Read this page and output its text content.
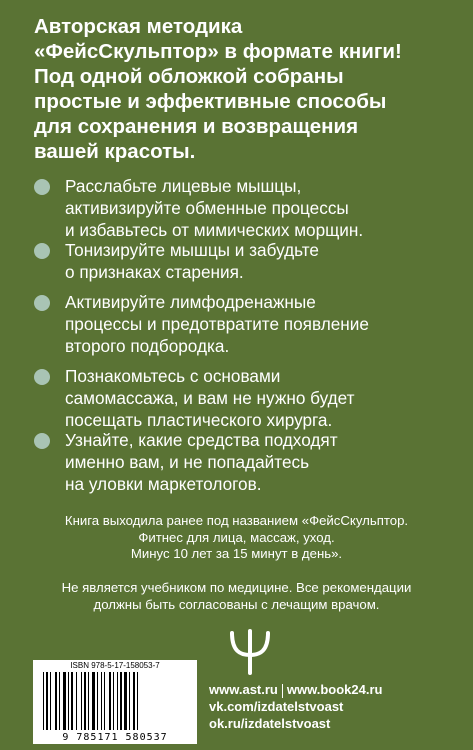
Авторская методика
«ФейсСкульптор» в формате книги!
Под одной обложкой собраны
простые и эффективные способы
для сохранения и возвращения
вашей красоты.
Расслабьте лицевые мышцы,
активизируйте обменные процессы
и избавьтесь от мимических морщин.
Тонизируйте мышцы и забудьте
о признаках старения.
Активируйте лимфодренажные
процессы и предотвратите появление
второго подбородка.
Познакомьтесь с основами
самомассажа, и вам не нужно будет
посещать пластического хирурга.
Узнайте, какие средства подходят
именно вам, и не попадайтесь
на уловки маркетологов.
Книга выходила ранее под названием «ФейсСкульптор.
Фитнес для лица, массаж, уход.
Минус 10 лет за 15 минут в день».
Не является учебником по медицине. Все рекомендации
должны быть согласованы с лечащим врачом.
ISBN 978-5-17-158053-7
9 785171 580537
www.ast.ru www.book24.ru
vk.com/izdatelstvoast
ok.ru/izdatelstvoast
